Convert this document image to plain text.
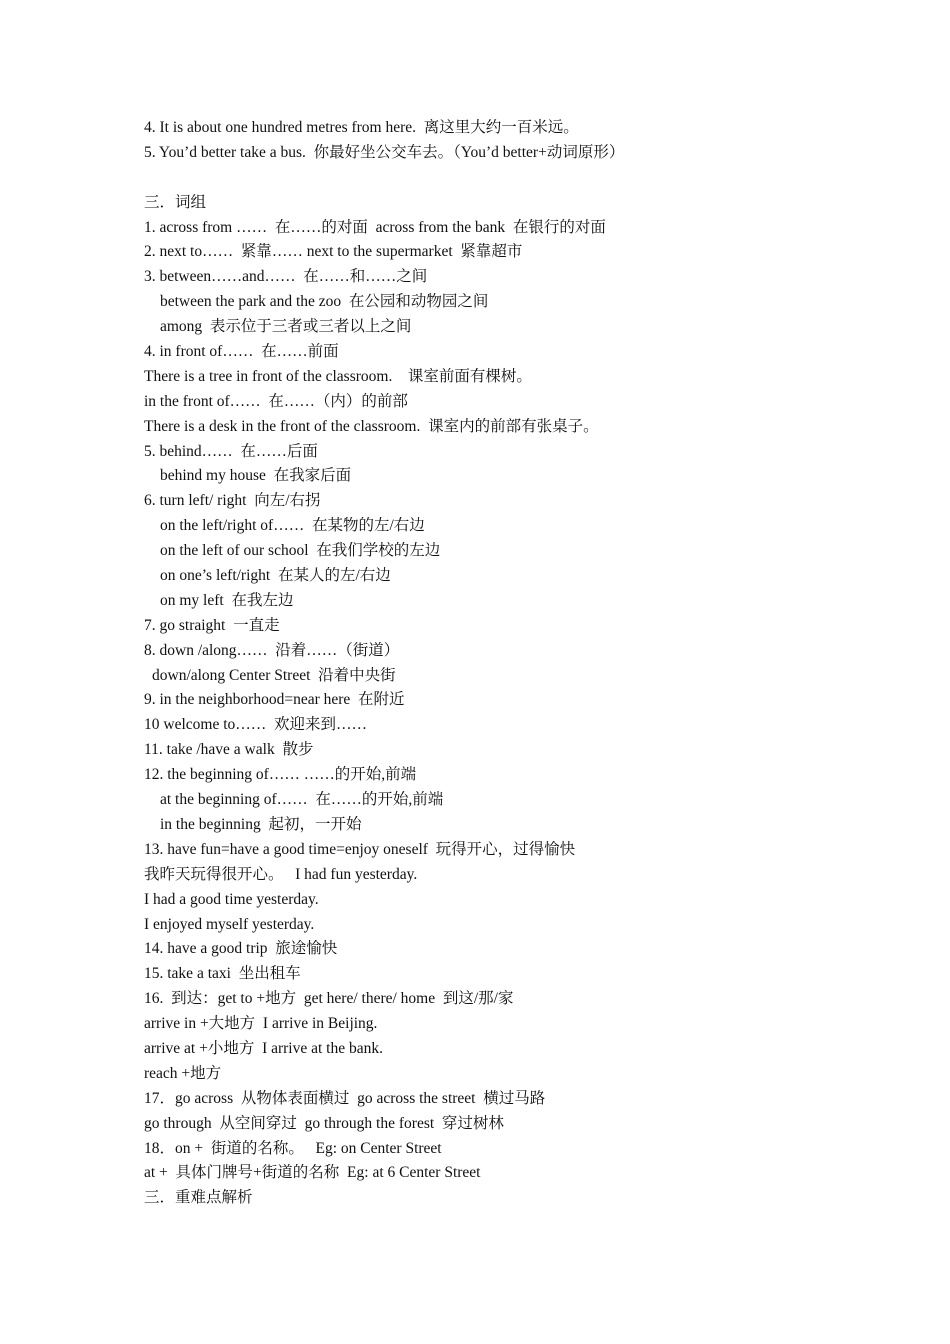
4. It is about one hundred metres from here.  离这里大约一百米远。
5. You’d better take a bus.  你最好坐公交车去。（You’d better+动词原形）
三．词组
1. across from ……  在……的对面  across from the bank  在银行的对面
2. next to……  紧靠…… next to the supermarket  紧靠超市
3. between……and……  在……和……之间
between the park and the zoo  在公园和动物园之间
among  表示位于三者或三者以上之间
4. in front of……  在……前面
There is a tree in front of the classroom.    课室前面有棵树。
in the front of……  在……（内）的前部
There is a desk in the front of the classroom.  课室内的前部有张桌子。
5. behind……  在……后面
behind my house  在我家后面
6. turn left/ right  向左/右拐
on the left/right of……  在某物的左/右边
on the left of our school  在我们学校的左边
on one’s left/right  在某人的左/右边
on my left  在我左边
7. go straight  一直走
8. down /along……  沿着……（街道）
down/along Center Street  沿着中央街
9. in the neighborhood=near here  在附近
10 welcome to……  欢迎来到……
11. take /have a walk  散步
12. the beginning of…… ……的开始,前端
at the beginning of……  在……的开始,前端
in the beginning  起初，一开始
13. have fun=have a good time=enjoy oneself  玩得开心，过得愉快
我昨天玩得很开心。   I had fun yesterday.
I had a good time yesterday.
I enjoyed myself yesterday.
14. have a good trip  旅途愉快
15. take a taxi  坐出租车
16.  到达：get to +地方  get here/ there/ home  到这/那/家
arrive in +大地方  I arrive in Beijing.
arrive at +小地方  I arrive at the bank.
reach +地方
17．go across  从物体表面横过  go across the street  横过马路
go through  从空间穿过  go through the forest  穿过树林
18．on +  街道的名称。   Eg: on Center Street
at +  具体门牌号+街道的名称  Eg: at 6 Center Street
三．重难点解析
